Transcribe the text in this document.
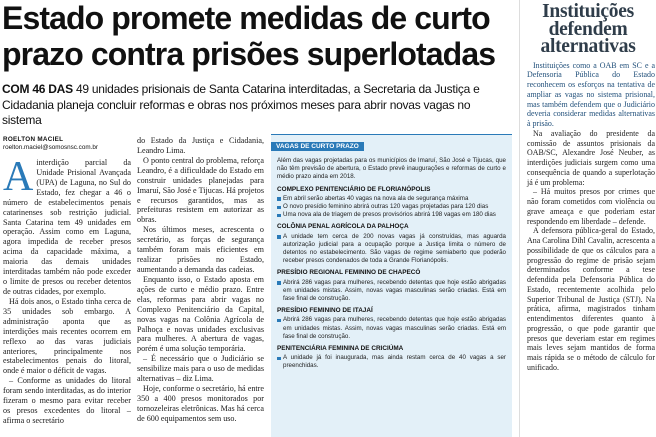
Estado promete medidas de curto prazo contra prisões superlotadas
COM 46 DAS 49 unidades prisionais de Santa Catarina interditadas, a Secretaria da Justiça e Cidadania planeja concluir reformas e obras nos próximos meses para abrir novas vagas no sistema
ROELTON MACIEL
roelton.maciel@somosnsc.com.br
A interdição parcial da Unidade Prisional Avançada (UPA) de Laguna, no Sul do Estado, fez chegar a 46 o número de estabelecimentos penais catarinenses sob restrição judicial. Santa Catarina tem 49 unidades em operação. Assim como em Laguna, agora impedida de receber presos acima da capacidade máxima, a maioria das demais unidades interditadas também não pode exceder o limite de presos ou receber detentos de outras cidades, por exemplo.

Há dois anos, o Estado tinha cerca de 35 unidades sob embargo. A administração aponta que as interdições mais recentes ocorrem em reflexo ao das varas judiciais anteriores, principalmente nos estabelecimentos penais do litoral, onde é maior o déficit de vagas.

– Conforme as unidades do litoral foram sendo interditadas, as do interior fizeram o mesmo para evitar receber os presos excedentes do litoral – afirma o secretário

do Estado da Justiça e Cidadania, Leandro Lima.

O ponto central do problema, reforça Leandro, é a dificuldade do Estado em construir unidades planejadas para Imaruí, São José e Tijucas. Há projetos e recursos garantidos, mas as prefeituras resistem em autorizar as obras.

Nos últimos meses, acrescenta o secretário, as forças de segurança também foram mais eficientes em realizar prisões no Estado, aumentando a demanda das cadeias.

Enquanto isso, o Estado aposta em ações de curto e médio prazo. Entre elas, reformas para abrir vagas no Complexo Penitenciário da Capital, novas vagas na Colônia Agrícola de Palhoça e novas unidades exclusivas para mulheres. A abertura de vagas, porém é uma solução temporária.

– É necessário que o Judiciário se sensibilize mais para o uso de medidas alternativas – diz Lima.

Hoje, conforme o secretário, há entre 350 a 400 presos monitorados por tornozeleiras eletrônicas. Mas há cerca de 600 equipamentos sem uso.

VAGAS DE CURTO PRAZO
Além das vagas projetadas para os municípios de Imaruí, São José e Tijucas, que não têm previsão de abertura, o Estado prevê inaugurações e reformas de curto e médio prazo ainda em 2018.
COMPLEXO PENITENCIÁRIO DE FLORIANÓPOLIS
Em abril serão abertas 40 vagas na nova ala de segurança máxima
O novo presídio feminino abrirá outras 120 vagas projetadas para 120 dias
Uma nova ala de triagem de presos provisórios abrirá 198 vagas em 180 dias
COLÔNIA PENAL AGRÍCOLA DA PALHOÇA
A unidade tem cerca de 200 novas vagas já construídas, mas aguarda autorização judicial para a ocupação porque a Justiça limita o número de detentos no estabelecimento. São vagas de regime semiaberto que poderão receber presos condenados de toda a Grande Florianópolis.
PRESÍDIO REGIONAL FEMININO DE CHAPECÓ
Abrirá 286 vagas para mulheres, recebendo detentas que hoje estão abrigadas em unidades mistas. Assim, novas vagas masculinas serão criadas. Está em fase final de construção.
PRESÍDIO FEMININO DE ITAJAÍ
Abrirá 286 vagas para mulheres, recebendo detentas que hoje estão abrigadas em unidades mistas. Assim, novas vagas masculinas serão criadas. Está em fase final de construção.
PENITENCIÁRIA FEMININA DE CRICIÚMA
A unidade já foi inaugurada, mas ainda restam cerca de 40 vagas a ser preenchidas.
Instituições defendem alternativas

Instituições como a OAB em SC e a Defensoria Pública do Estado reconhecem os esforços na tentativa de ampliar as vagas no sistema prisional, mas também defendem que o Judiciário deveria considerar medidas alternativas à prisão.

Na avaliação do presidente da comissão de assuntos prisionais da OAB/SC, Alexandre José Neuber, as interdições judiciais surgem como uma consequência de quando a superlotação já é um problema:

– Há muitos presos por crimes que não foram cometidos com violência ou grave ameaça e que poderiam estar respondendo em liberdade – defende.

A defensora pública-geral do Estado, Ana Carolina Dihl Cavalin, acrescenta a possibilidade de que os cálculos para a progressão do regime de prisão sejam determinados conforme a tese defendida pela Defensoria Pública do Estado, recentemente acolhida pelo Superior Tribunal de Justiça (STJ). Na prática, afirma, magistrados tinham entendimentos diferentes quanto à progressão, o que pode garantir que presos que deveriam estar em regimes mais leves sejam mantidos de forma mais rápida se o método de cálculo for unificado.
